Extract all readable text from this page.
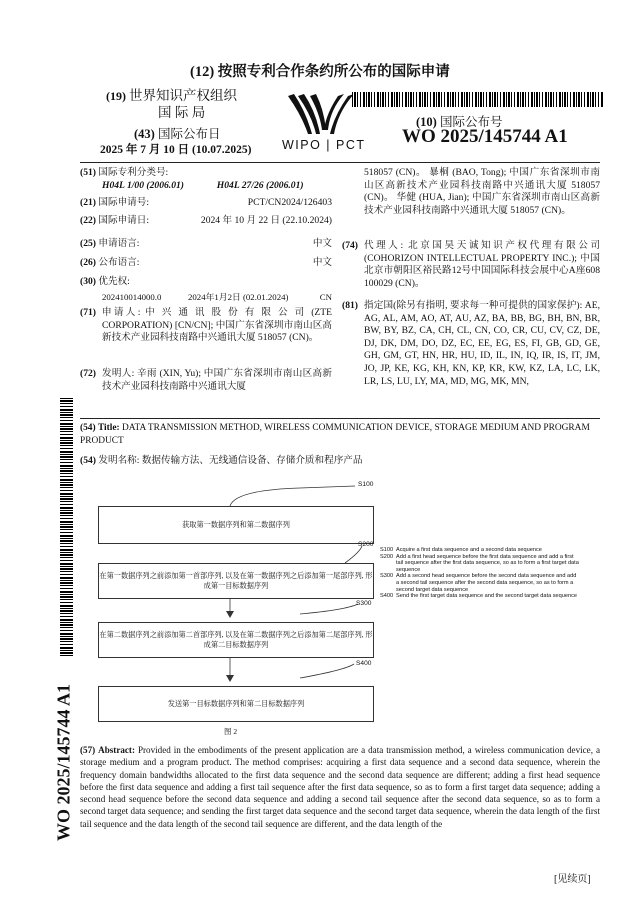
(12) 按照专利合作条约所公布的国际申请
(19) 世界知识产权组织
国 际 局
(43) 国际公布日
2025 年 7 月 10 日 (10.07.2025) WIPO | PCT
(10) 国际公布号
WO 2025/145744 A1
(51) 国际专利分类号:
H04L 1/00 (2006.01)	H04L 27/26 (2006.01)
(21) 国际申请号:	PCT/CN2024/126403
(22) 国际申请日:	2024 年 10 月 22 日 (22.10.2024)
(25) 申请语言:	中文
(26) 公布语言:	中文
(30) 优先权:
202410014000.0	2024年1月2日 (02.01.2024)	CN
(71) 申请人: 中 兴 通 讯 股 份 有 限 公 司 (ZTE CORPORATION) [CN/CN]; 中国广东省深圳市南山区高新技术产业园科技南路中兴通讯大厦 518057 (CN)。
(72) 发明人: 辛雨 (XIN, Yu); 中国广东省深圳市南山区高新技术产业园科技南路中兴通讯大厦
518057 (CN)。 暴桐 (BAO, Tong); 中国广东省深圳市南山区高新技术产业园科技南路中兴通讯大厦 518057 (CN)。 华健 (HUA, Jian); 中国广东省深圳市南山区高新技术产业园科技南路中兴通讯大厦 518057 (CN)。
(74) 代理人: 北京国昊天诚知识产权代理有限公司 (COHORIZON INTELLECTUAL PROPERTY INC.); 中国北京市朝阳区裕民路12号中国国际科技会展中心A座608 100029 (CN)。
(81) 指定国(除另有指明, 要求每一种可提供的国家保护): AE, AG, AL, AM, AO, AT, AU, AZ, BA, BB, BG, BH, BN, BR, BW, BY, BZ, CA, CH, CL, CN, CO, CR, CU, CV, CZ, DE, DJ, DK, DM, DO, DZ, EC, EE, EG, ES, FI, GB, GD, GE, GH, GM, GT, HN, HR, HU, ID, IL, IN, IQ, IR, IS, IT, JM, JO, JP, KE, KG, KH, KN, KP, KR, KW, KZ, LA, LC, LK, LR, LS, LU, LY, MA, MD, MG, MK, MN,
(54) Title: DATA TRANSMISSION METHOD, WIRELESS COMMUNICATION DEVICE, STORAGE MEDIUM AND PROGRAM PRODUCT
(54) 发明名称: 数据传输方法、无线通信设备、存储介质和程序产品
WO 2025/145744 A1
获取第一数据序列和第二数据序列
在第一数据序列之前添加第一首部序列, 以及在第一数据序列之后添加第一尾部序列, 形成第一目标数据序列
在第二数据序列之前添加第二首部序列, 以及在第二数据序列之后添加第二尾部序列, 形成第二目标数据序列
发送第一目标数据序列和第二目标数据序列
S100
S200
S300
S400
S100 Acquire a first data sequence and a second data sequence
S200 Add a first head sequence before the first data sequence and add a first tail sequence after the first data sequence, so as to form a first target data sequence
S300 Add a second head sequence before the second data sequence and add a second tail sequence after the second data sequence, so as to form a second target data sequence
S400 Send the first target data sequence and the second target data sequence
图 2
(57) Abstract: Provided in the embodiments of the present application are a data transmission method, a wireless communication device, a storage medium and a program product. The method comprises: acquiring a first data sequence and a second data sequence, wherein the frequency domain bandwidths allocated to the first data sequence and the second data sequence are different; adding a first head sequence before the first data sequence and adding a first tail sequence after the first data sequence, so as to form a first target data sequence; adding a second head sequence before the second data sequence and adding a second tail sequence after the second data sequence, so as to form a second target data sequence; and sending the first target data sequence and the second target data sequence, wherein the data length of the first tail sequence and the data length of the second tail sequence are different, and the data length of the
[见续页]
